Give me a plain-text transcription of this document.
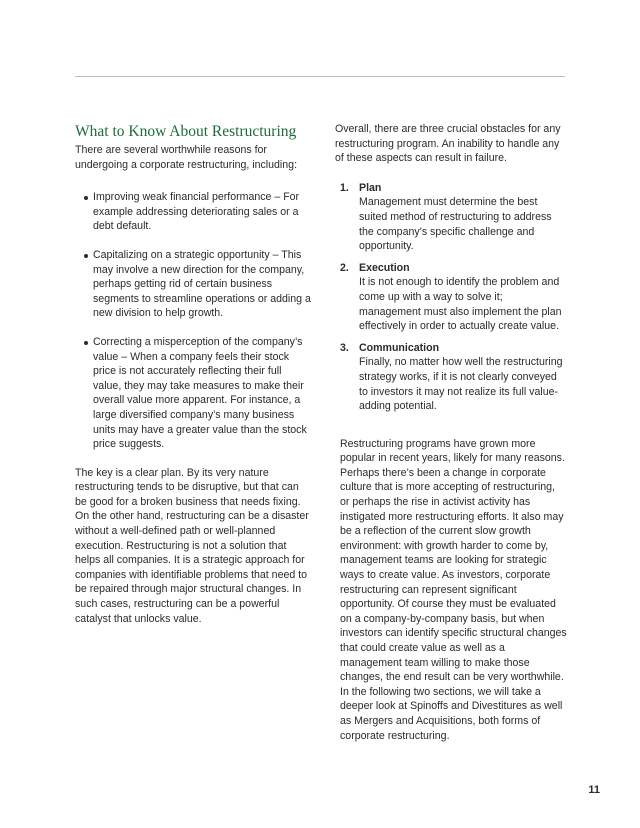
What to Know About Restructuring

There are several worthwhile reasons for undergoing a corporate restructuring, including:

Improving weak financial performance – For example addressing deteriorating sales or a debt default.
Capitalizing on a strategic opportunity – This may involve a new direction for the company, perhaps getting rid of certain business segments to streamline operations or adding a new division to help growth.
Correcting a misperception of the company’s value – When a company feels their stock price is not accurately reflecting their full value, they may take measures to make their overall value more apparent. For instance, a large diversified company’s many business units may have a greater value than the stock price suggests.

The key is a clear plan. By its very nature restructuring tends to be disruptive, but that can be good for a broken business that needs fixing. On the other hand, restructuring can be a disaster without a well-defined path or well-planned execution. Restructuring is not a solution that helps all companies. It is a strategic approach for companies with identifiable problems that need to be repaired through major structural changes. In such cases, restructuring can be a powerful catalyst that unlocks value.

Overall, there are three crucial obstacles for any restructuring program. An inability to handle any of these aspects can result in failure.

1. Plan
Management must determine the best suited method of restructuring to address the company’s specific challenge and opportunity.
2. Execution
It is not enough to identify the problem and come up with a way to solve it; management must also implement the plan effectively in order to actually create value.
3. Communication
Finally, no matter how well the restructuring strategy works, if it is not clearly conveyed to investors it may not realize its full value-adding potential.

Restructuring programs have grown more popular in recent years, likely for many reasons. Perhaps there’s been a change in corporate culture that is more accepting of restructuring, or perhaps the rise in activist activity has instigated more restructuring efforts. It also may be a reflection of the current slow growth environment: with growth harder to come by, management teams are looking for strategic ways to create value. As investors, corporate restructuring can represent significant opportunity. Of course they must be evaluated on a company-by-company basis, but when investors can identify specific structural changes that could create value as well as a management team willing to make those changes, the end result can be very worthwhile. In the following two sections, we will take a deeper look at Spinoffs and Divestitures as well as Mergers and Acquisitions, both forms of corporate restructuring.

11
